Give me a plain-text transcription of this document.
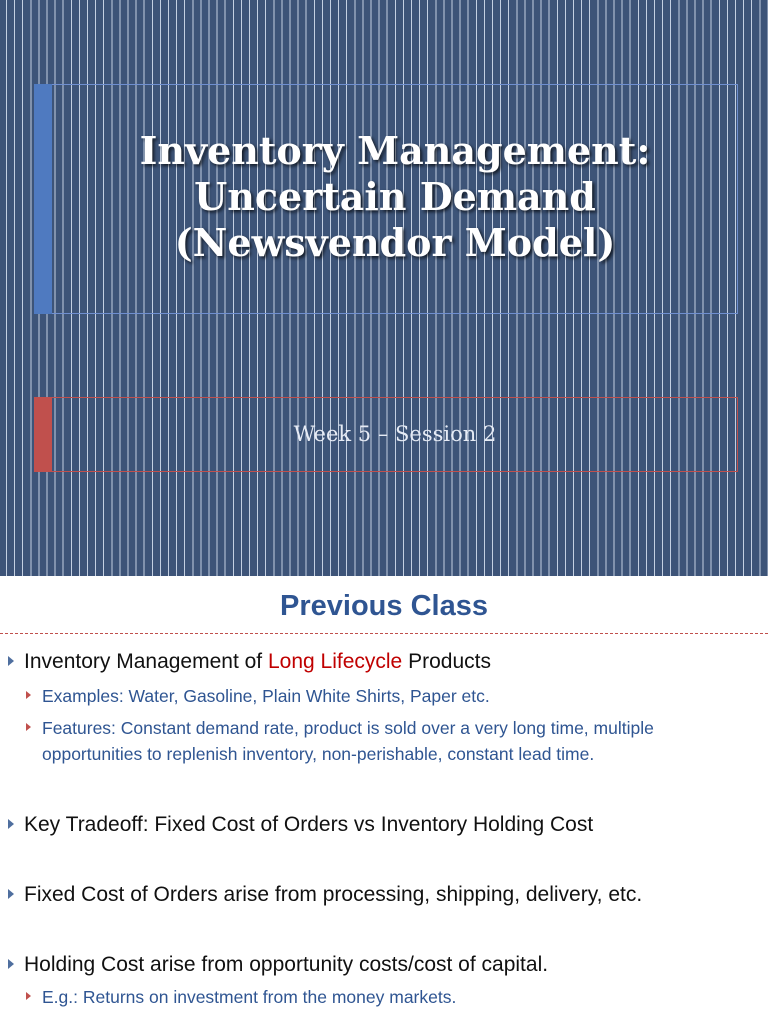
Inventory Management:
Uncertain Demand
(Newsvendor Model)

Week 5 – Session 2

Previous Class
Inventory Management of Long Lifecycle Products
Examples: Water, Gasoline, Plain White Shirts, Paper etc.
Features: Constant demand rate, product is sold over a very long time, multiple
opportunities to replenish inventory, non-perishable, constant lead time.
Key Tradeoff: Fixed Cost of Orders vs Inventory Holding Cost
Fixed Cost of Orders arise from processing, shipping, delivery, etc.
Holding Cost arise from opportunity costs/cost of capital.
E.g.: Returns on investment from the money markets.
